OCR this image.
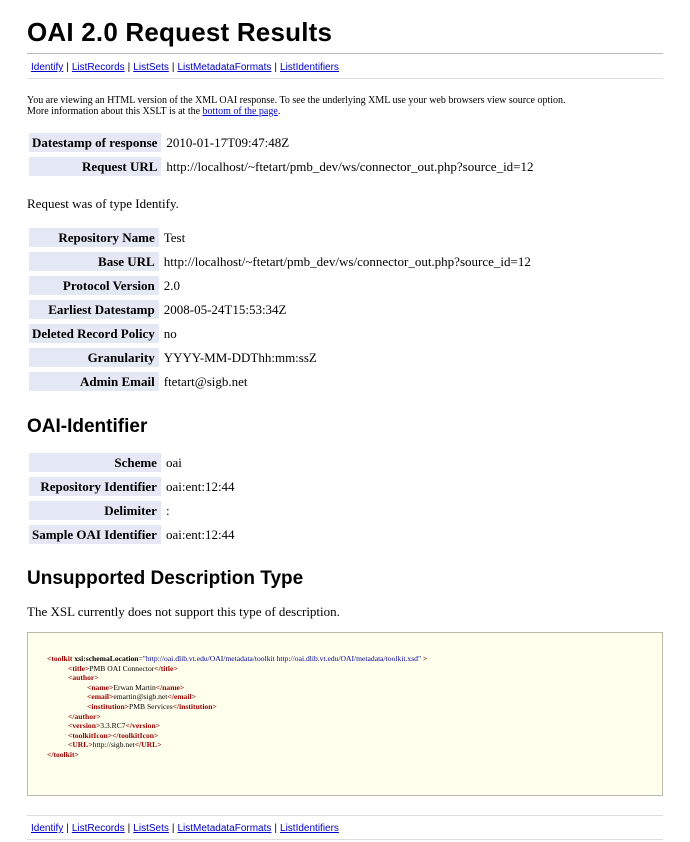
OAI 2.0 Request Results
Identify | ListRecords | ListSets | ListMetadataFormats | ListIdentifiers
You are viewing an HTML version of the XML OAI response. To see the underlying XML use your web browsers view source option.
More information about this XSLT is at the bottom of the page.
Datestamp of response	2010-01-17T09:47:48Z
Request URL	http://localhost/~ftetart/pmb_dev/ws/connector_out.php?source_id=12
Request was of type Identify.
Repository Name	Test
Base URL	http://localhost/~ftetart/pmb_dev/ws/connector_out.php?source_id=12
Protocol Version	2.0
Earliest Datestamp	2008-05-24T15:53:34Z
Deleted Record Policy	no
Granularity	YYYY-MM-DDThh:mm:ssZ
Admin Email	ftetart@sigb.net
OAI-Identifier
Scheme	oai
Repository Identifier	oai:ent:12:44
Delimiter	:
Sample OAI Identifier	oai:ent:12:44
Unsupported Description Type
The XSL currently does not support this type of description.
<toolkit xsi:schemaLocation="http://oai.dlib.vt.edu/OAI/metadata/toolkit http://oai.dlib.vt.edu/OAI/metadata/toolkit.xsd" >
<title>PMB OAI Connector</title>
<author>
<name>Erwan Martin</name>
<email>emartin@sigb.net</email>
<institution>PMB Services</institution>
</author>
<version>3.3.RC7</version>
<toolkitIcon></toolkitIcon>
<URL>http://sigb.net</URL>
</toolkit>
Identify | ListRecords | ListSets | ListMetadataFormats | ListIdentifiers
